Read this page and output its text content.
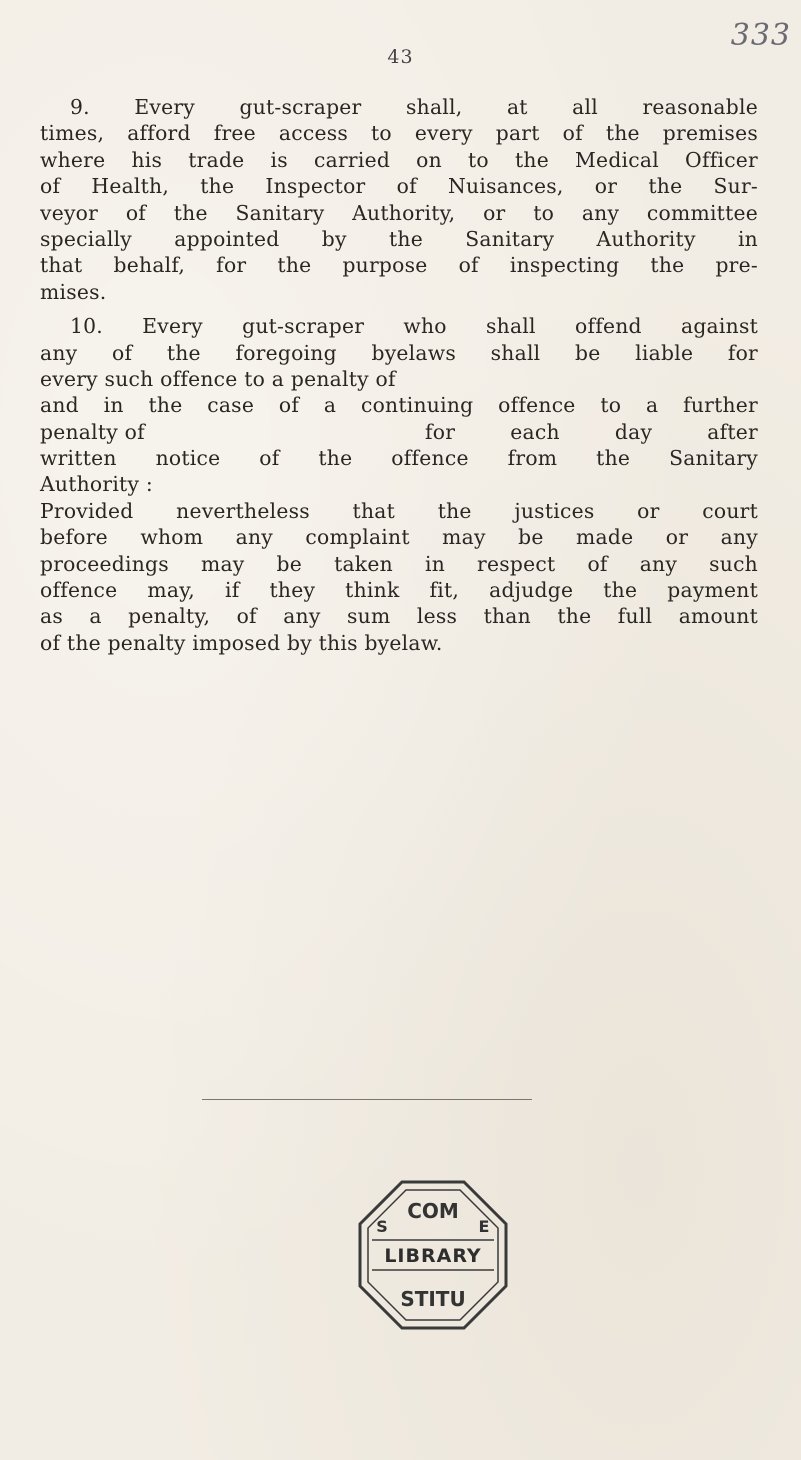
43
333
9. Every gut-scraper shall, at all reasonable
times, afford free access to every part of the premises
where his trade is carried on to the Medical Officer
of Health, the Inspector of Nuisances, or the Sur-
veyor of the Sanitary Authority, or to any committee
specially appointed by the Sanitary Authority in
that behalf, for the purpose of inspecting the pre-
mises.
10. Every gut-scraper who shall offend against
any of the foregoing byelaws shall be liable for
every such offence to a penalty of
and in the case of a continuing offence to a further
penalty of	for each day after
written notice of the offence from the Sanitary
Authority :
Provided nevertheless that the justices or court
before whom any complaint may be made or any
proceedings may be taken in respect of any such
offence may, if they think fit, adjudge the payment
as a penalty, of any sum less than the full amount
of the penalty imposed by this byelaw.
COM
S	E
LIBRARY
STITU
